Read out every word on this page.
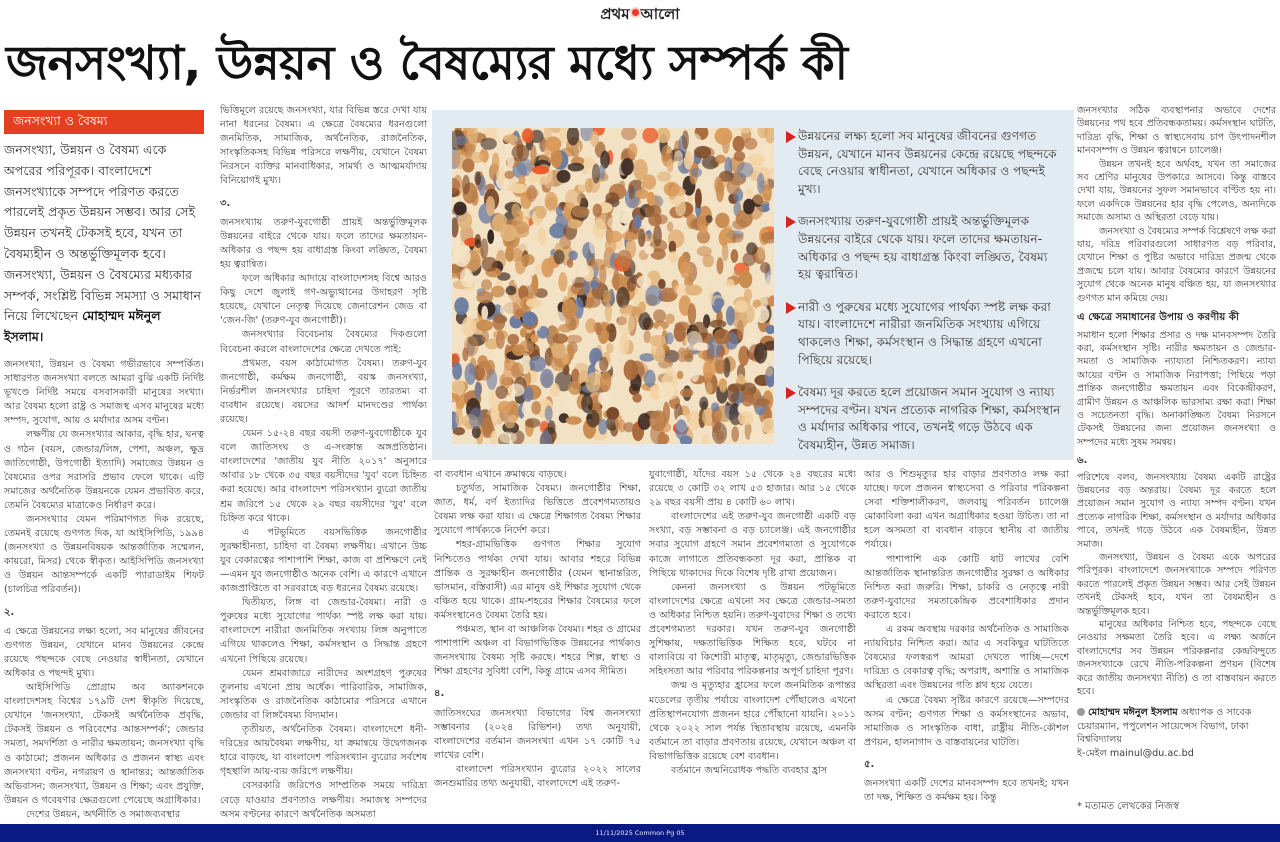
প্রথম আলো
জনসংখ্যা, উন্নয়ন ও বৈষম্যের মধ্যে সম্পর্ক কী
জনসংখ্যা ও বৈষম্য

জনসংখ্যা, উন্নয়ন ও বৈষম্য একে অপরের পরিপূরক। বাংলাদেশে জনসংখ্যাকে সম্পদে পরিণত করতে পারলেই প্রকৃত উন্নয়ন সম্ভব। আর সেই উন্নয়ন তখনই টেকসই হবে, যখন তা বৈষম্যহীন ও অন্তর্ভুক্তিমূলক হবে। জনসংখ্যা, উন্নয়ন ও বৈষম্যের মধ্যকার সম্পর্ক, সংশ্লিষ্ট বিভিন্ন সমস্যা ও সমাধান নিয়ে লিখেছেন মোহাম্মদ মঈনুল ইসলাম।

জনসংখ্যা, উন্নয়ন ও বৈষম্য গভীরভাবে সম্পর্কিত। সাধারণত জনসংখ্যা বলতে আমরা বুঝি একটি নির্দিষ্ট ভূখণ্ডে নির্দিষ্ট সময়ে বসবাসকারী মানুষের সংখ্যা। আর বৈষম্য হলো রাষ্ট্র ও সমাজস্থ এসব মানুষের মধ্যে সম্পদ, সুযোগ, আয় ও মর্যাদার অসম বণ্টন।

লক্ষণীয় যে জনসংখ্যার আকার, বৃদ্ধি হার, ঘনত্ব ও গঠন (বয়স, জেন্ডার/লিঙ্গ, পেশা, অঞ্চল, ক্ষুদ্র জাতিগোষ্ঠী, উপগোষ্ঠী ইত্যাদি) সমাজের উন্নয়ন ও বৈষম্যের ওপর সরাসরি প্রভাব ফেলে থাকে। এটি সমাজের অর্থনৈতিক উন্নয়নকে যেমন প্রভাবিত করে, তেমনি বৈষম্যের মাত্রাকেও নির্ধারণ করে।

জনসংখ্যার যেমন পরিমাণগত দিক রয়েছে, তেমনই রয়েছে গুণগত দিক, যা আইসিপিডি, ১৯৯৪ (জনসংখ্যা ও উন্নয়নবিষয়ক আন্তর্জাতিক সম্মেলন, কায়রো, মিসর) থেকে স্বীকৃত। আইসিপিডি জনসংখ্যা ও উন্নয়ন আন্তসম্পর্কে একটি প্যারাডাইম শিফট (চালচিত্র পরিবর্তন)।

২.

এ ক্ষেত্রে উন্নয়নের লক্ষ্য হলো, সব মানুষের জীবনের গুণগত উন্নয়ন, যেখানে মানব উন্নয়নের কেন্দ্রে রয়েছে পছন্দকে বেছে নেওয়ার স্বাধীনতা, যেখানে অধিকার ও পছন্দই মুখ্য।

আইসিপিডি প্রোগ্রাম অব অ্যাকশনকে বাংলাদেশসহ বিশ্বের ১৭৯টি দেশ স্বীকৃতি দিয়েছে, যেখানে 'জনসংখ্যা, টেকসই অর্থনৈতিক প্রবৃদ্ধি, টেকসই উন্নয়ন ও পরিবেশের আন্তসম্পর্ক'; জেন্ডার সমতা, সমদর্শিতা ও নারীর ক্ষমতায়ন; জনসংখ্যা বৃদ্ধি ও কাঠামো; প্রজনন অধিকার ও প্রজনন স্বাস্থ্য এবং জনসংখ্যা বণ্টন, নগরায়ণ ও স্থানান্তর; আন্তর্জাতিক অভিবাসন; জনসংখ্যা, উন্নয়ন ও শিক্ষা; এবং প্রযুক্তি, উন্নয়ন ও গবেষণার ক্ষেত্রগুলো পেয়েছে অগ্রাধিকার।

দেশের উন্নয়ন, অর্থনীতি ও সমাজব্যবস্থার

ভিত্তিমূলে রয়েছে জনসংখ্যা, যার বিভিন্ন স্তরে দেখা যায় নানা ধরনের বৈষম্য। এ ক্ষেত্রে বৈষম্যের ধরনগুলো জনমিতিক, সামাজিক, অর্থনৈতিক, রাজনৈতিক, সাংস্কৃতিকসহ বিভিন্ন পরিসরে লক্ষণীয়, যেখানে বৈষম্য নিরসনে ব্যক্তির মানবাধিকার, সামর্থ্য ও আত্মমর্যাদায় বিনিয়োগই মুখ্য।

৩.

জনসংখ্যায় তরুণ-যুবগোষ্ঠী প্রায়ই অন্তর্ভুক্তিমূলক উন্নয়নের বাইরে থেকে যায়। ফলে তাদের ক্ষমতায়ন-অধিকার ও পছন্দ হয় বাধাগ্রস্ত কিংবা লঙ্ঘিত, বৈষম্য হয় ত্বরান্বিত।

ফলে অধিকার আদায়ে বাংলাদেশসহ বিশ্বে আরও কিছু দেশে জুলাই গণ-অভ্যুত্থানের উদাহরণ সৃষ্টি হয়েছে, যেখানে নেতৃত্ব দিয়েছে জেনারেশন জেড বা 'জেন-জি' (তরুণ-যুব জনগোষ্ঠী)।

জনসংখ্যার বিবেচনায় বৈষম্যের দিকগুলো বিবেচনা করলে বাংলাদেশের ক্ষেত্রে দেখতে পাই:

প্রথমত, বয়স কাঠামোগত বৈষম্য। তরুণ-যুব জনগোষ্ঠী, কর্মক্ষম জনগোষ্ঠী, বয়স্ক জনসংখ্যা, নির্ভরশীল জনসংখ্যার চাহিদা পূরণে তারতম্য বা ব্যবধান রয়েছে। বয়সের আদর্শ মানদণ্ডের পার্থক্য রয়েছে।

যেমন ১৫-২৪ বছর বয়সী তরুণ-যুবগোষ্ঠীকে যুব বলে জাতিসংঘ ও এ-সংক্রান্ত অঙ্গপ্রতিষ্ঠান। বাংলাদেশের 'জাতীয় যুব নীতি ২০১৭' অনুসারে আবার ১৮ থেকে ৩৫ বছর বয়সীদের 'যুব' বলে চিহ্নিত করা হয়েছে। আর বাংলাদেশ পরিসংখ্যান ব্যুরো জাতীয় শ্রম জরিপে ১৫ থেকে ২৯ বছর বয়সীদের 'যুব' বলে চিহ্নিত করে থাকে।

এ পটভূমিতে বয়সভিত্তিক জনগোষ্ঠীর সুরক্ষাহীনতা, চাহিদা বা বৈষম্য লক্ষণীয়। এখানে উচ্চ যুব বেকারত্বের পাশাপাশি শিক্ষা, কাজ বা প্রশিক্ষণে নেই—এমন যুব জনগোষ্ঠীও অনেক বেশি। এ কারণে এখানে কাজপ্রাপ্তিতে বা সরবরাহে বড় ধরনের বৈষম্য রয়েছে।

দ্বিতীয়ত, লিঙ্গ বা জেন্ডার-বৈষম্য। নারী ও পুরুষের মধ্যে সুযোগের পার্থক্য স্পষ্ট লক্ষ করা যায়। বাংলাদেশে নারীরা জনমিতিক সংখ্যায় লিঙ্গ অনুপাতে এগিয়ে থাকলেও শিক্ষা, কর্মসংস্থান ও সিদ্ধান্ত গ্রহণে এখনো পিছিয়ে রয়েছে।

যেমন শ্রমবাজারে নারীদের অংশগ্রহণ পুরুষের তুলনায় এখনো প্রায় অর্ধেক। পারিবারিক, সামাজিক, সাংস্কৃতিক ও রাজনৈতিক কাঠামোর পরিসরে এখানে জেন্ডার বা লিঙ্গবৈষম্য বিদ্যমান।

তৃতীয়ত, অর্থনৈতিক বৈষম্য। বাংলাদেশে ধনী-দরিদ্রের আয়বৈষম্য লক্ষণীয়, যা ক্রমান্বয়ে উদ্বেগজনক হারে বাড়ছে, যা বাংলাদেশ পরিসংখ্যান ব্যুরোর সর্বশেষ গৃহস্থালি আয়-ব্যয় জরিপে লক্ষণীয়।

বেসরকারি জরিপেও সাম্প্রতিক সময়ে দারিদ্র্য বেড়ে যাওয়ার প্রবণতাও লক্ষণীয়। সমাজস্থ সম্পদের অসম বণ্টনের কারণে অর্থনৈতিক অসমতা

উন্নয়নের লক্ষ্য হলো সব মানুষের জীবনের গুণগত উন্নয়ন, যেখানে মানব উন্নয়নের কেন্দ্রে রয়েছে পছন্দকে বেছে নেওয়ার স্বাধীনতা, যেখানে অধিকার ও পছন্দই মুখ্য।
জনসংখ্যায় তরুণ-যুবগোষ্ঠী প্রায়ই অন্তর্ভুক্তিমূলক উন্নয়নের বাইরে থেকে যায়। ফলে তাদের ক্ষমতায়ন-অধিকার ও পছন্দ হয় বাধাগ্রস্ত কিংবা লঙ্ঘিত, বৈষম্য হয় ত্বরান্বিত।
নারী ও পুরুষের মধ্যে সুযোগের পার্থক্য স্পষ্ট লক্ষ করা যায়। বাংলাদেশে নারীরা জনমিতিক সংখ্যায় এগিয়ে থাকলেও শিক্ষা, কর্মসংস্থান ও সিদ্ধান্ত গ্রহণে এখনো পিছিয়ে রয়েছে।
বৈষম্য দূর করতে হলে প্রয়োজন সমান সুযোগ ও ন্যায্য সম্পদের বণ্টন। যখন প্রত্যেক নাগরিক শিক্ষা, কর্মসংস্থান ও মর্যাদার অধিকার পাবে, তখনই গড়ে উঠবে এক বৈষম্যহীন, উন্নত সমাজ।

বা ব্যবধান এখানে ক্রমান্বয়ে বাড়ছে।

চতুর্থত, সামাজিক বৈষম্য। জনগোষ্ঠীর শিক্ষা, জাত, ধর্ম, বর্ণ ইত্যাদির ভিত্তিতে প্রবেশগম্যতায়ও বৈষম্য লক্ষ করা যায়। এ ক্ষেত্রে শিক্ষাগত বৈষম্য শিক্ষার সুযোগে পার্থক্যকে নির্দেশ করে।

শহর-গ্রামভিত্তিক গুণগত শিক্ষার সুযোগ নিশ্চিতেও পার্থক্য দেখা যায়। আবার শহরে বিভিন্ন প্রান্তিক ও সুরক্ষাহীন জনগোষ্ঠীর (যেমন স্থানান্তরিত, ভাসমান, বস্তিবাসী) এর মানুষ ওই শিক্ষার সুযোগ থেকে বঞ্চিত হয়ে থাকে। গ্রাম-শহরের শিক্ষার বৈষম্যের ফলে কর্মসংস্থানেও বৈষম্য তৈরি হয়।

পঞ্চমত, স্থান বা আঞ্চলিক বৈষম্য। শহর ও গ্রামের পাশাপাশি অঞ্চল বা বিভাগভিত্তিক উন্নয়নের পার্থক্যও জনসংখ্যায় বৈষম্য সৃষ্টি করছে। শহরে শিল্প, স্বাস্থ্য ও শিক্ষা গ্রহণের সুবিধা বেশি, কিন্তু গ্রামে এসব সীমিত।

৪.

জাতিসংঘের জনসংখ্যা বিভাগের বিশ্ব জনসংখ্যা সম্ভাবনার (২০২৪ রিভিশন) তথ্য অনুযায়ী, বাংলাদেশের বর্তমান জনসংখ্যা এখন ১৭ কোটি ৭৫ লাখের বেশি।

বাংলাদেশ পরিসংখ্যান ব্যুরোর ২০২২ সালের জনশুমারির তথ্য অনুযায়ী, বাংলাদেশে এই তরুণ-

যুবাগোষ্ঠী, যাঁদের বয়স ১৫ থেকে ২৪ বছরের মধ্যে রয়েছে ৩ কোটি ৩২ লাখ ৫৩ হাজার। আর ১৫ থেকে ২৯ বছর বয়সী প্রায় ৪ কোটি ৬০ লাখ।

বাংলাদেশের এই তরুণ-যুব জনগোষ্ঠী একটি বড় সংখ্যা, বড় সম্ভাবনা ও বড় চ্যালেঞ্জ। এই জনগোষ্ঠীর সবার সুযোগ গ্রহণে সমান প্রবেশগম্যতা ও সুযোগকে কাজে লাগাতে প্রতিবন্ধকতা দূর করা, প্রান্তিক বা পিছিয়ে থাকাদের দিকে বিশেষ দৃষ্টি রাখা প্রয়োজন।

কেননা জনসংখ্যা ও উন্নয়ন পটভূমিতে বাংলাদেশের ক্ষেত্রে এখনো সব ক্ষেত্রে জেন্ডার-সমতা ও অধিকার নিশ্চিত হয়নি। তরুণ-যুবাদের শিক্ষা ও তথ্যে প্রবেশগম্যতা দরকার। যখন তরুণ-যুব জনগোষ্ঠী সুশিক্ষায়, দক্ষতাভিত্তিক শিক্ষিত হবে, ঘটবে না বাল্যবিয়ে বা কিশোরী মাতৃত্ব, মাতৃমৃত্যু, জেন্ডারভিত্তিক সহিংসতা আর পরিবার পরিকল্পনার অপূর্ণ চাহিদা পূরণ।

জন্ম ও মৃত্যুহার হ্রাসের ফলে জনমিতিক রূপান্তর মডেলের তৃতীয় পর্যায়ে বাংলাদেশ পৌঁছালেও এখনো প্রতিস্থাপনযোগ্য প্রজনন হারে পৌঁছানো যায়নি। ২০১১ থেকে ২০২২ সাল পর্যন্ত স্থিতাবস্থায় রয়েছে, এমনকি বর্তমানে তা বাড়ার প্রবণতায় রয়েছে, যেখানে অঞ্চল বা বিভাগভিত্তিক রয়েছে বেশ ব্যবধান।

বর্তমানে জন্মনিরোধক পদ্ধতি ব্যবহার হ্রাস

আর ও শিশুমৃত্যুর হার বাড়ার প্রবণতাও লক্ষ করা যাচ্ছে। ফলে প্রজনন স্বাস্থ্যসেবা ও পরিবার পরিকল্পনা সেবা শক্তিশালীকরণ, জলবায়ু পরিবর্তন চ্যালেঞ্জ মোকাবিলা করা এখন অগ্রাধিকার হওয়া উচিত। তা না হলে অসমতা বা ব্যবধান বাড়বে স্থানীয় বা জাতীয় পর্যায়ে।

পাশাপাশি এক কোটি ষাট লাখের বেশি আন্তর্জাতিক স্থানান্তরিত জনগোষ্ঠীর সুরক্ষা ও অধিকার নিশ্চিত করা জরুরি। শিক্ষা, চাকরি ও নেতৃত্বে নারী তরুণ-যুবাদের সমতাকেন্দ্রিক প্রবেশাধিকার প্রদান করাতে হবে।

এ রকম অবস্থায় দরকার অর্থনৈতিক ও সামাজিক ন্যায়বিচার নিশ্চিত করা। আর এ সবকিছুর ঘাটতিতে বৈষম্যের ফলস্বরূপ আমরা দেখতে পাচ্ছি—দেশে দারিদ্র্য ও বেকারত্ব বৃদ্ধি; অপরাধ, অশান্তি ও সামাজিক অস্থিরতা এবং উন্নয়নের গতি শ্লথ হয়ে যেতে।

এ ক্ষেত্রে বৈষম্য সৃষ্টির কারণে রয়েছে—সম্পদের অসম বণ্টন; গুণগত শিক্ষা ও কর্মসংস্থানের অভাব, সামাজিক ও সাংস্কৃতিক বাধা, রাষ্ট্রীয় নীতি-কৌশল প্রণয়ন, হালনাগাদ ও বাস্তবায়নের ঘাটতি।

৫.

জনসংখ্যা একটি দেশের মানবসম্পদ হবে তখনই; যখন তা দক্ষ, শিক্ষিত ও কর্মক্ষম হয়। কিন্তু

জনসংখ্যার সঠিক ব্যবস্থাপনার অভাবে দেশের উন্নয়নের পথ হবে প্রতিবন্ধকতাময়। কর্মসংস্থান ঘাটতি, দারিদ্র্য বৃদ্ধি, শিক্ষা ও স্বাস্থ্যসেবায় চাপ উৎপাদনশীল মানবসম্পদ ও উন্নয়ন ত্বরান্বনে চ্যালেঞ্জ।

উন্নয়ন তখনই হবে অর্থবহ, যখন তা সমাজের সব শ্রেণির মানুষের উপকারে আসবে। কিন্তু বাস্তবে দেখা যায়, উন্নয়নের সুফল সমানভাবে বণ্টিত হয় না। ফলে একদিকে উন্নয়নের হার বৃদ্ধি পেলেও, অন্যদিকে সমাজে অসাম্য ও অস্থিরতা বেড়ে যায়।

জনসংখ্যা ও বৈষম্যের সম্পর্ক বিশ্লেষণে লক্ষ করা যায়, দরিদ্র পরিবারগুলো সাধারণত বড় পরিবার, যেখানে শিক্ষা ও পুষ্টির অভাবে দারিদ্র্য প্রজন্ম থেকে প্রজন্মে চলে যায়। আবার বৈষম্যের কারণে উন্নয়নের সুযোগ থেকে অনেক মানুষ বঞ্চিত হয়, যা জনসংখ্যার গুণগত মান কমিয়ে দেয়।

এ ক্ষেত্রে সমাধানের উপায় ও করণীয় কী

সমাধান হলো শিক্ষার প্রসার ও দক্ষ মানবসম্পদ তৈরি করা, কর্মসংস্থান সৃষ্টি। নারীর ক্ষমতায়ন ও জেন্ডার-সমতা ও সামাজিক ন্যায্যতা নিশ্চিতকরণ। ন্যায্য আয়ের বণ্টন ও সামাজিক নিরাপত্তা; পিছিয়ে পড়া প্রান্তিক জনগোষ্ঠীর ক্ষমতায়ন এবং বিকেন্দ্রীকরণ, গ্রামীণ উন্নয়ন ও আঞ্চলিক ভারসাম্য রক্ষা করা। শিক্ষা ও সচেতনতা বৃদ্ধি। অনাকাঙ্ক্ষিত বৈষম্য নিরসনে টেকসই উন্নয়নের জন্য প্রয়োজন জনসংখ্যা ও সম্পদের মধ্যে সুষম সমন্বয়।

৬.

পরিশেষে বলব, জনসংখ্যায় বৈষম্য একটি রাষ্ট্রের উন্নয়নের বড় অন্তরায়। বৈষম্য দূর করতে হলে প্রয়োজন সমান সুযোগ ও ন্যায্য সম্পদ বণ্টন। যখন প্রত্যেক নাগরিক শিক্ষা, কর্মসংস্থান ও মর্যাদার অধিকার পাবে, তখনই গড়ে উঠবে এক বৈষম্যহীন, উন্নত সমাজ।

জনসংখ্যা, উন্নয়ন ও বৈষম্য একে অপরের পরিপূরক। বাংলাদেশে জনসংখ্যাকে সম্পদে পরিণত করতে পারলেই প্রকৃত উন্নয়ন সম্ভব। আর সেই উন্নয়ন তখনই টেকসই হবে, যখন তা বৈষম্যহীন ও অন্তর্ভুক্তিমূলক হবে।

মানুষের অধিকার নিশ্চিত হবে, পছন্দকে বেছে নেওয়ার সক্ষমতা তৈরি হবে। এ লক্ষ্য অর্জনে বাংলাদেশের সব উন্নয়ন পরিকল্পনার কেন্দ্রবিন্দুতে জনসংখ্যাকে রেখে নীতি-পরিকল্পনা প্রণয়ন (বিশেষ করে জাতীয় জনসংখ্যা নীতি) ও তা বাস্তবায়ন করতে হবে।

মোহাম্মদ মঈনুল ইসলাম অধ্যাপক ও সাবেক চেয়ারম্যান, পপুলেশন সায়েন্সেস বিভাগ, ঢাকা বিশ্ববিদ্যালয়
ই-মেইল mainul@du.ac.bd
* মতামত লেখকের নিজস্ব
11/11/2025 Common Pg 05
